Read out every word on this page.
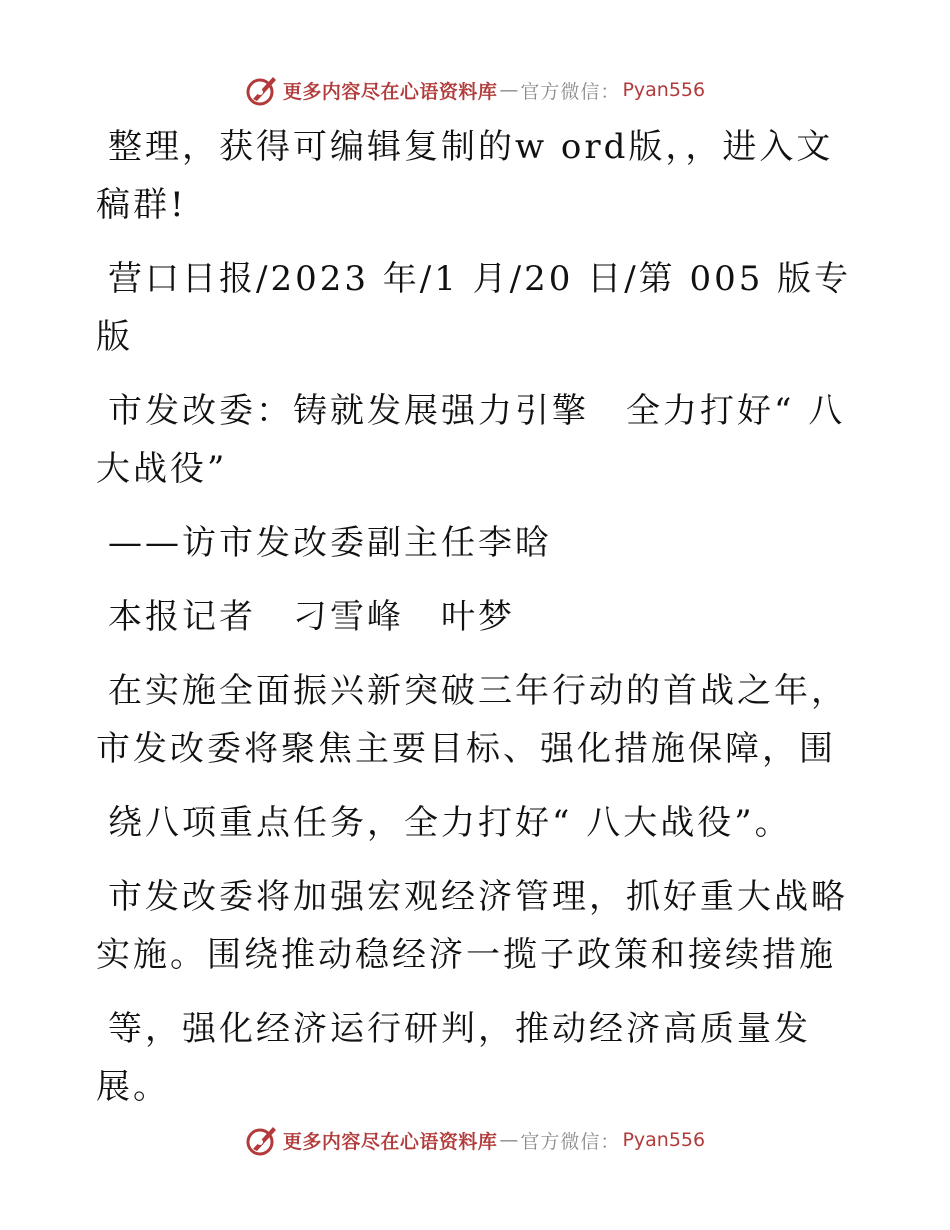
更多内容尽在心语资料库 — 官方微信： Pyan556

整理，获得可编辑复制的w ord版，，进入文稿群!

营口日报/2023 年/1 月/20 日/第 005 版专版

市发改委：铸就发展强力引擎　全力打好“ 八大战役”

——访市发改委副主任李晗

本报记者　刁雪峰　叶梦

在实施全面振兴新突破三年行动的首战之年，市发改委将聚焦主要目标、强化措施保障，围

绕八项重点任务，全力打好“ 八大战役”。

市发改委将加强宏观经济管理，抓好重大战略实施。围绕推动稳经济一揽子政策和接续措施

等，强化经济运行研判，推动经济高质量发展。

更多内容尽在心语资料库 — 官方微信： Pyan556
